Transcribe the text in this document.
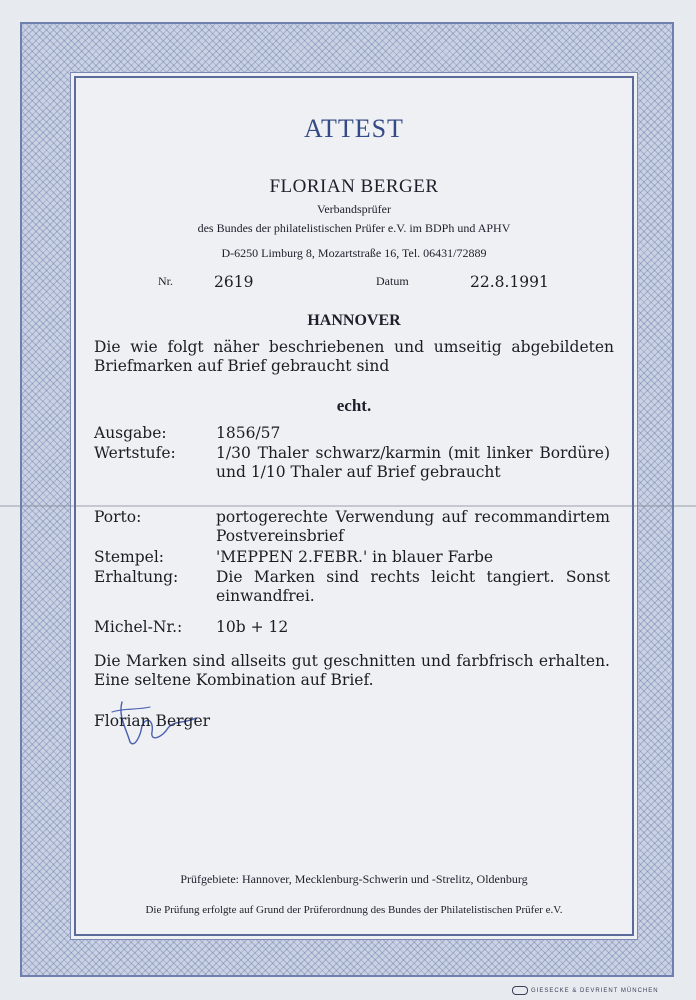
ATTEST
FLORIAN BERGER
Verbandsprüfer
des Bundes der philatelistischen Prüfer e.V. im BDPh und APHV
D-6250 Limburg 8, Mozartstraße 16, Tel. 06431/72889
Nr.	2619	Datum	22.8.1991
HANNOVER
Die wie folgt näher beschriebenen und umseitig abgebildeten Briefmarken auf Brief gebraucht sind
echt.
Ausgabe:	1856/57
Wertstufe:	1/30 Thaler schwarz/karmin (mit linker Bordüre) und 1/10 Thaler auf Brief gebraucht
Porto:	portogerechte Verwendung auf recommandirtem Postvereinsbrief
Stempel:	'MEPPEN 2.FEBR.' in blauer Farbe
Erhaltung: Die Marken sind rechts leicht tangiert. Sonst einwandfrei.
Michel-Nr.: 10b + 12
Die Marken sind allseits gut geschnitten und farbfrisch erhalten. Eine seltene Kombination auf Brief.
Florian Berger
Prüfgebiete: Hannover, Mecklenburg-Schwerin und -Strelitz, Oldenburg
Die Prüfung erfolgte auf Grund der Prüferordnung des Bundes der Philatelistischen Prüfer e.V.
GIESECKE & DEVRIENT MÜNCHEN
